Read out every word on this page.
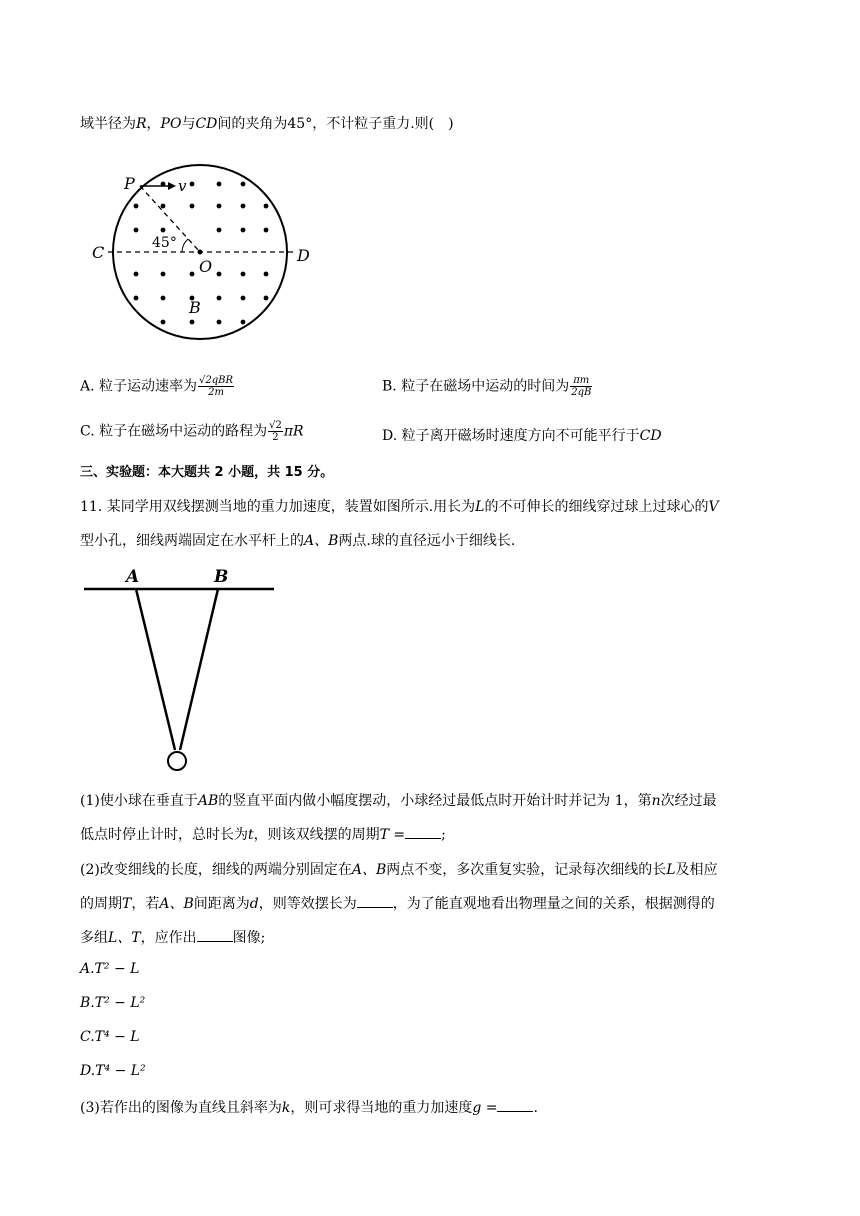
域半径为R，PO与CD间的夹角为45°，不计粒子重力.则(　)
P	v
C	D
O
B
45°
A. 粒子运动速率为 $\frac{\text{√2qBR}}{2m}$	B. 粒子在磁场中运动的时间为 $\frac{\pi m}{2qB}$
C. 粒子在磁场中运动的路程为 $\frac{√2}{2}$ πR	D. 粒子离开磁场时速度方向不可能平行于CD
三、实验题：本大题共 2 小题，共 15 分。
11. 某同学用双线摆测当地的重力加速度，装置如图所示.用长为L的不可伸长的细线穿过球上过球心的V
型小孔，细线两端固定在水平杆上的A、B两点.球的直径远小于细线长.
A	B
(1)使小球在垂直于AB的竖直平面内做小幅度摆动，小球经过最低点时开始计时并记为 1，第n次经过最
低点时停止计时，总时长为t，则该双线摆的周期T =	;
(2)改变细线的长度，细线的两端分别固定在A、B两点不变，多次重复实验，记录每次细线的长L及相应
的周期T，若A、B间距离为d，则等效摆长为	，为了能直观地看出物理量之间的关系，根据测得的
多组L、T，应作出	图像;
A.T² − L
B.T² − L²
C.T⁴ − L
D.T⁴ − L²
(3)若作出的图像为直线且斜率为k，则可求得当地的重力加速度g =	.
